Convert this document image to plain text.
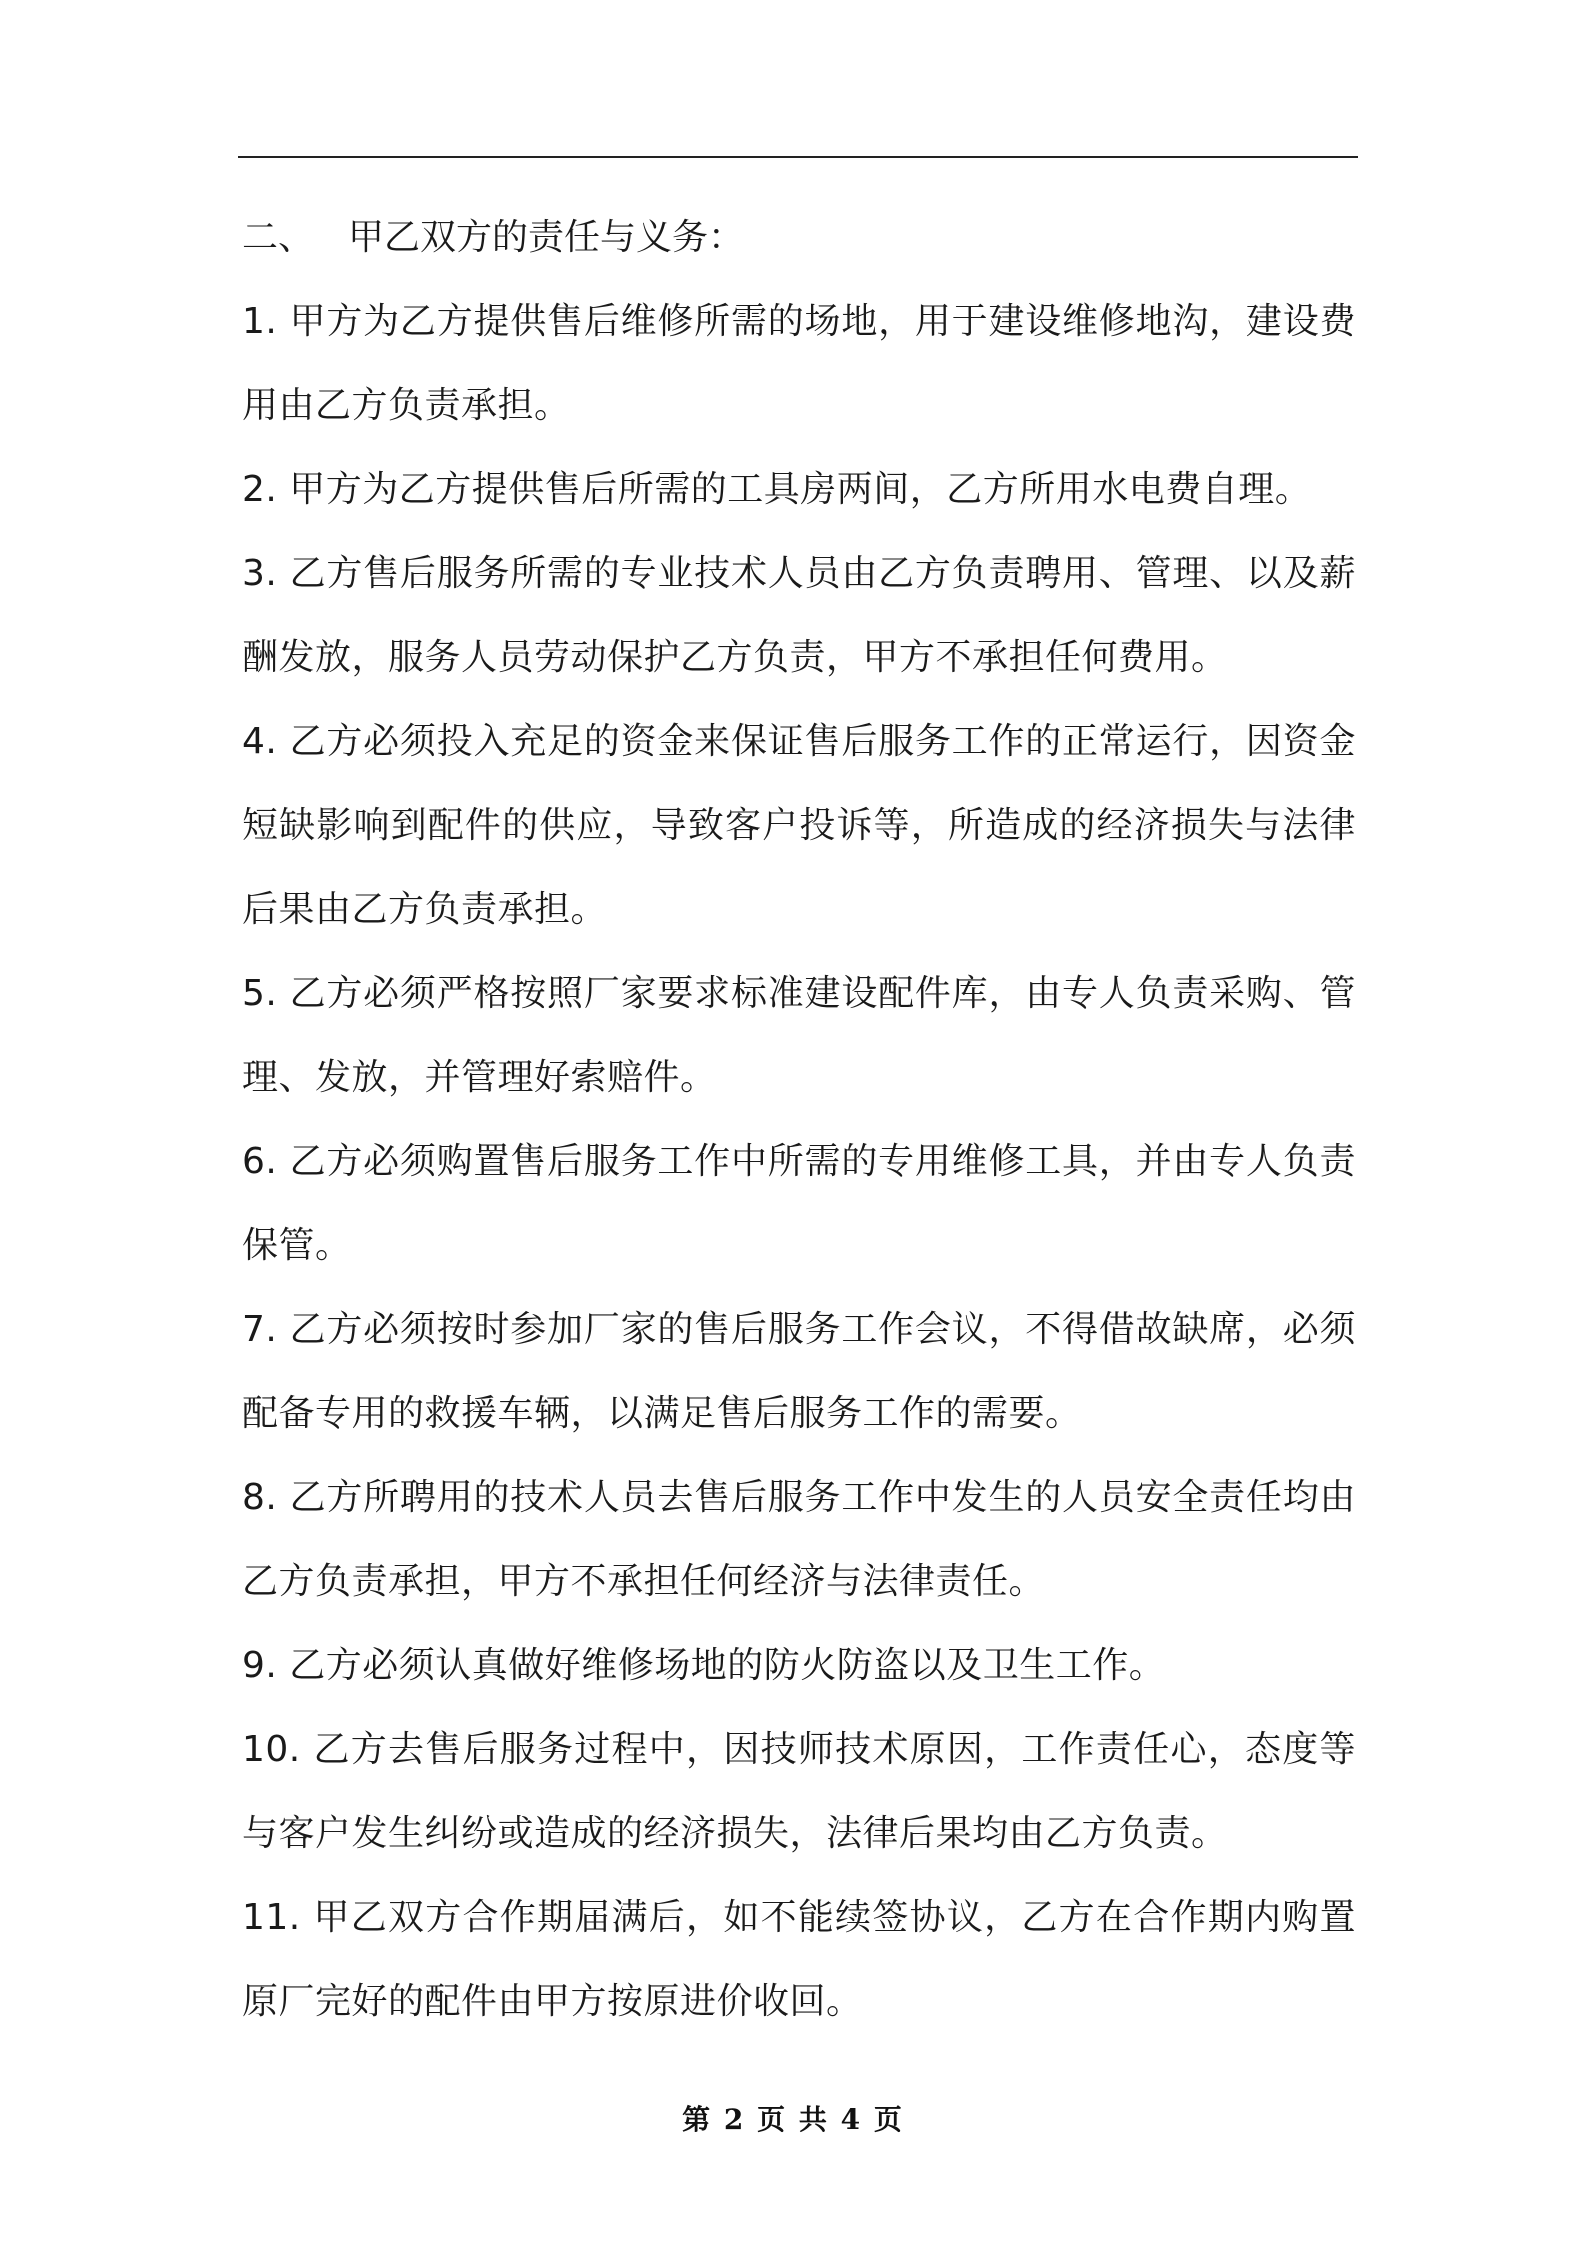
二、 甲乙双方的责任与义务：

1. 甲方为乙方提供售后维修所需的场地，用于建设维修地沟，建设费用由乙方负责承担。

2. 甲方为乙方提供售后所需的工具房两间，乙方所用水电费自理。

3. 乙方售后服务所需的专业技术人员由乙方负责聘用、管理、以及薪酬发放，服务人员劳动保护乙方负责，甲方不承担任何费用。

4. 乙方必须投入充足的资金来保证售后服务工作的正常运行，因资金短缺影响到配件的供应，导致客户投诉等，所造成的经济损失与法律后果由乙方负责承担。

5. 乙方必须严格按照厂家要求标准建设配件库，由专人负责采购、管理、发放，并管理好索赔件。

6. 乙方必须购置售后服务工作中所需的专用维修工具，并由专人负责保管。

7. 乙方必须按时参加厂家的售后服务工作会议，不得借故缺席，必须配备专用的救援车辆，以满足售后服务工作的需要。

8. 乙方所聘用的技术人员去售后服务工作中发生的人员安全责任均由乙方负责承担，甲方不承担任何经济与法律责任。

9. 乙方必须认真做好维修场地的防火防盗以及卫生工作。

10. 乙方去售后服务过程中，因技师技术原因，工作责任心，态度等与客户发生纠纷或造成的经济损失，法律后果均由乙方负责。

11. 甲乙双方合作期届满后，如不能续签协议，乙方在合作期内购置原厂完好的配件由甲方按原进价收回。

第 2 页 共 4 页
